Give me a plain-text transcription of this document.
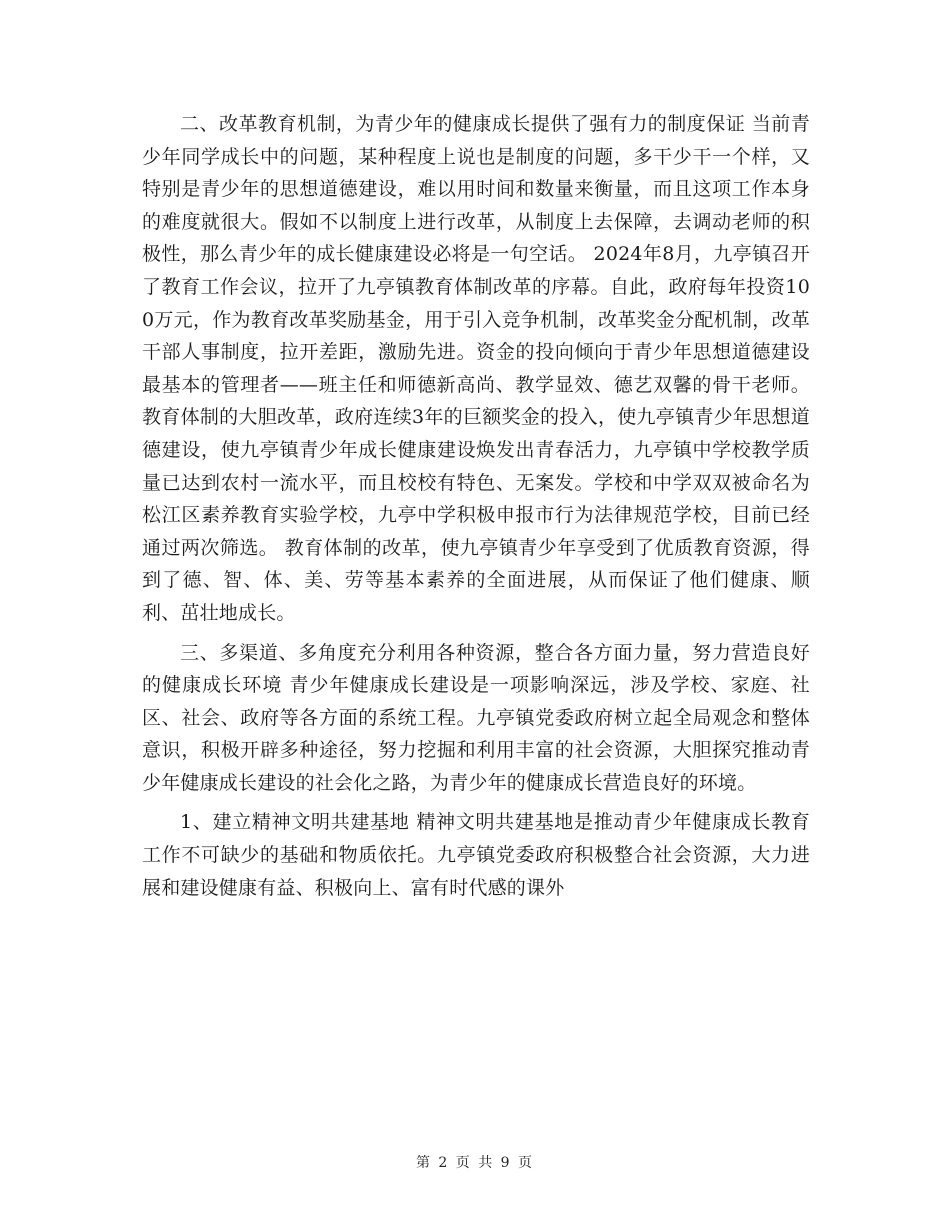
二、改革教育机制，为青少年的健康成长提供了强有力的制度保证 当前青少年同学成长中的问题，某种程度上说也是制度的问题，多干少干一个样，又特别是青少年的思想道德建设，难以用时间和数量来衡量，而且这项工作本身的难度就很大。假如不以制度上进行改革，从制度上去保障，去调动老师的积极性，那么青少年的成长健康建设必将是一句空话。 2024年8月，九亭镇召开了教育工作会议，拉开了九亭镇教育体制改革的序幕。自此，政府每年投资100万元，作为教育改革奖励基金，用于引入竞争机制，改革奖金分配机制，改革干部人事制度，拉开差距，激励先进。资金的投向倾向于青少年思想道德建设最基本的管理者——班主任和师德新高尚、教学显效、德艺双馨的骨干老师。 教育体制的大胆改革，政府连续3年的巨额奖金的投入，使九亭镇青少年思想道德建设，使九亭镇青少年成长健康建设焕发出青春活力，九亭镇中学校教学质量已达到农村一流水平，而且校校有特色、无案发。学校和中学双双被命名为松江区素养教育实验学校，九亭中学积极申报市行为法律规范学校，目前已经通过两次筛选。 教育体制的改革，使九亭镇青少年享受到了优质教育资源，得到了德、智、体、美、劳等基本素养的全面进展，从而保证了他们健康、顺利、茁壮地成长。

三、多渠道、多角度充分利用各种资源，整合各方面力量，努力营造良好的健康成长环境 青少年健康成长建设是一项影响深远，涉及学校、家庭、社区、社会、政府等各方面的系统工程。九亭镇党委政府树立起全局观念和整体意识，积极开辟多种途径，努力挖掘和利用丰富的社会资源，大胆探究推动青少年健康成长建设的社会化之路，为青少年的健康成长营造良好的环境。

1、建立精神文明共建基地 精神文明共建基地是推动青少年健康成长教育工作不可缺少的基础和物质依托。九亭镇党委政府积极整合社会资源，大力进展和建设健康有益、积极向上、富有时代感的课外

第 2 页 共 9 页
